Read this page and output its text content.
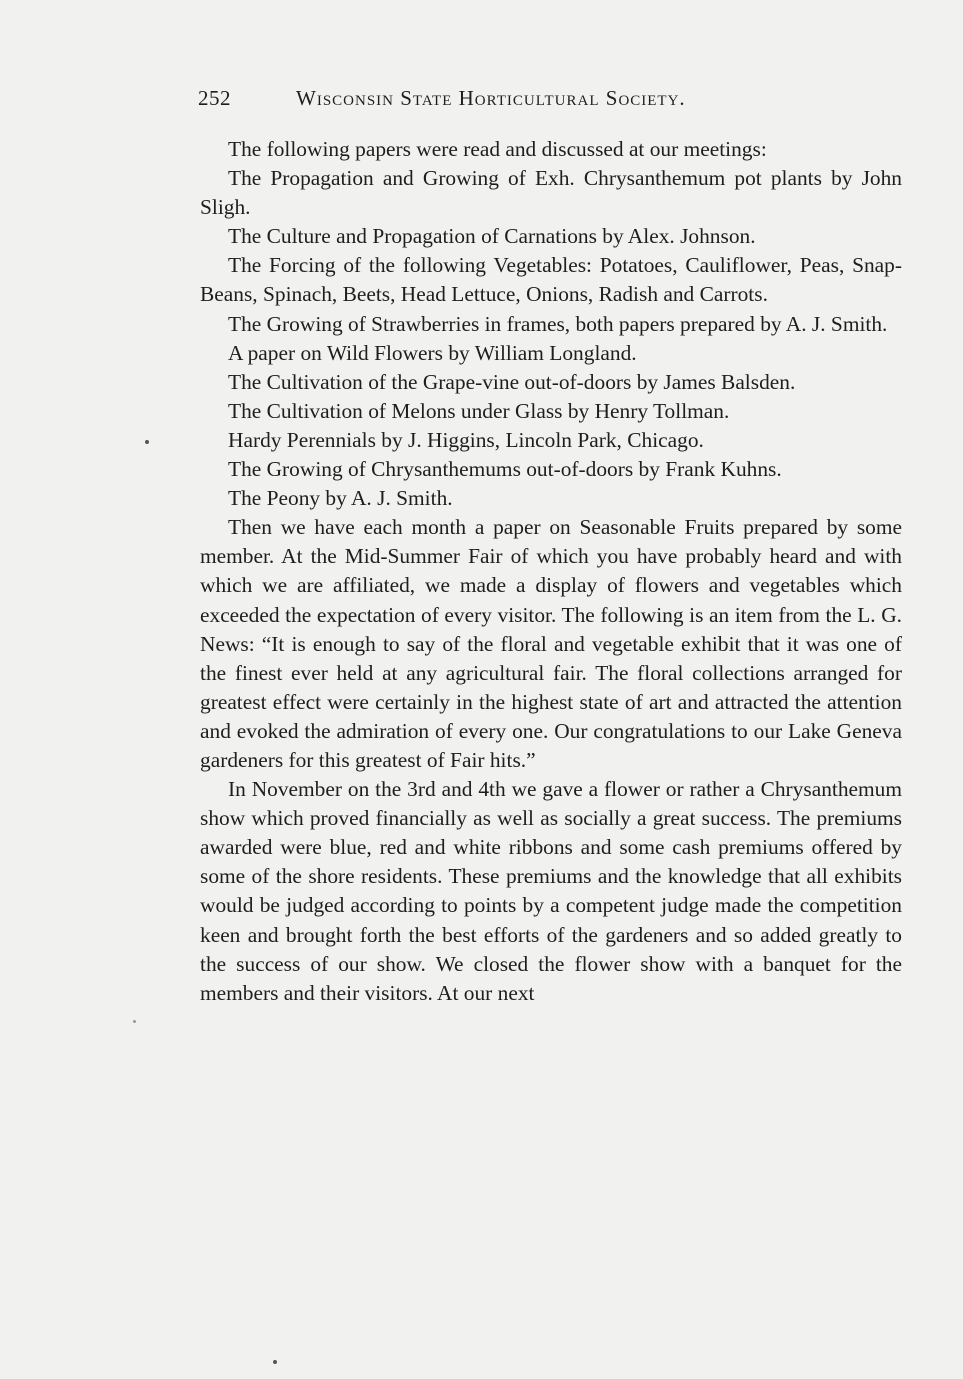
252	Wisconsin State Horticultural Society.

The following papers were read and discussed at our meetings:

The Propagation and Growing of Exh. Chrysanthemum pot plants by John Sligh.

The Culture and Propagation of Carnations by Alex. Johnson.

The Forcing of the following Vegetables: Potatoes, Cauliflower, Peas, Snap-Beans, Spinach, Beets, Head Lettuce, Onions, Radish and Carrots.

The Growing of Strawberries in frames, both papers prepared by A. J. Smith.

A paper on Wild Flowers by William Longland.

The Cultivation of the Grape-vine out-of-doors by James Balsden.

The Cultivation of Melons under Glass by Henry Tollman.

Hardy Perennials by J. Higgins, Lincoln Park, Chicago.

The Growing of Chrysanthemums out-of-doors by Frank Kuhns.

The Peony by A. J. Smith.

Then we have each month a paper on Seasonable Fruits prepared by some member. At the Mid-Summer Fair of which you have probably heard and with which we are affiliated, we made a display of flowers and vegetables which exceeded the expectation of every visitor. The following is an item from the L. G. News: “It is enough to say of the floral and vegetable exhibit that it was one of the finest ever held at any agricultural fair. The floral collections arranged for greatest effect were certainly in the highest state of art and attracted the attention and evoked the admiration of every one. Our congratulations to our Lake Geneva gardeners for this greatest of Fair hits.”

In November on the 3rd and 4th we gave a flower or rather a Chrysanthemum show which proved financially as well as socially a great success. The premiums awarded were blue, red and white ribbons and some cash premiums offered by some of the shore residents. These premiums and the knowledge that all exhibits would be judged according to points by a competent judge made the competition keen and brought forth the best efforts of the gardeners and so added greatly to the success of our show. We closed the flower show with a banquet for the members and their visitors. At our next
